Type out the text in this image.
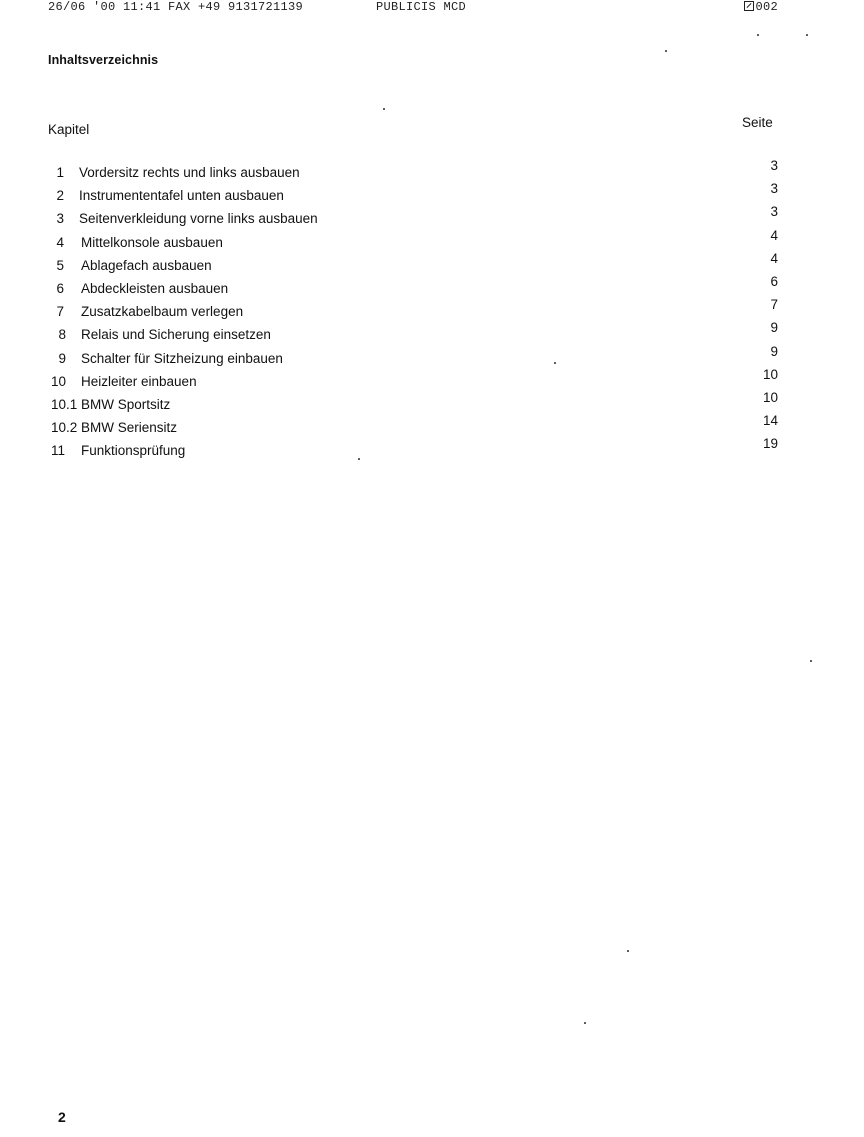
26/06 '00 11:41 FAX +49 9131721139	PUBLICIS MCD	002
Inhaltsverzeichnis
Kapitel	Seite
1 Vordersitz rechts und links ausbauen	3
2 Instrumententafel unten ausbauen	3
3 Seitenverkleidung vorne links ausbauen	3
4 Mittelkonsole ausbauen	4
5 Ablagefach ausbauen	4
6 Abdeckleisten ausbauen	6
7 Zusatzkabelbaum verlegen	7
8 Relais und Sicherung einsetzen	9
9 Schalter für Sitzheizung einbauen	9
10	Heizleiter einbauen	10
10.1 BMW Sportsitz	10
10.2 BMW Seriensitz	14
11	Funktionsprüfung	19
2
